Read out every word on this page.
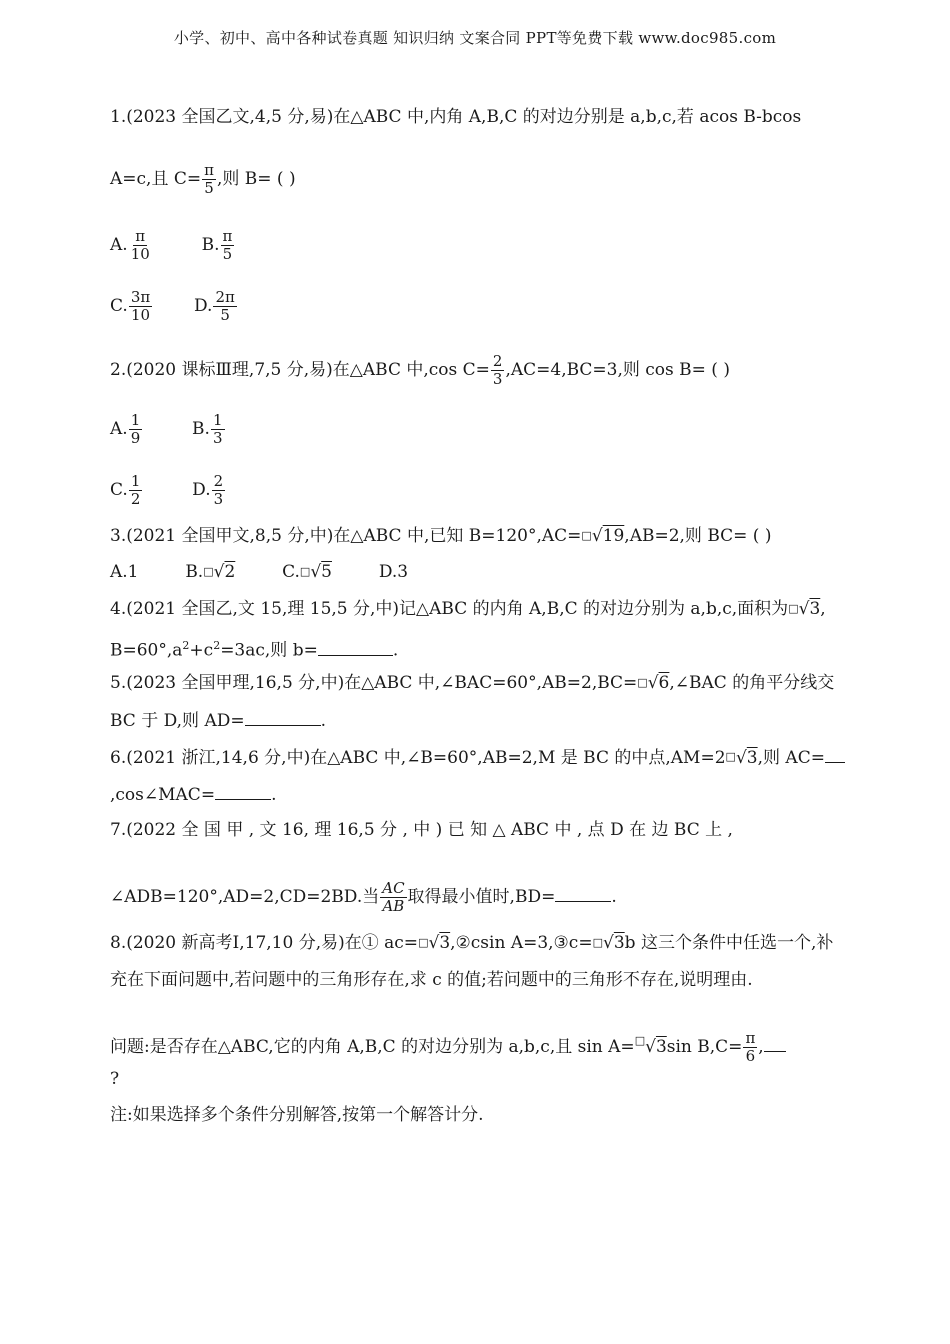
小学、初中、高中各种试卷真题 知识归纳 文案合同 PPT等免费下载 www.doc985.com
1.(2023 全国乙文,4,5 分,易)在△ABC 中,内角 A,B,C 的对边分别是 a,b,c,若 acos B-bcos
A=c,且 $C= \frac{\pi}{5}$ ,则 B= ( )
A. $\frac{\pi}{10}$	B. $\frac{\pi}{5}$
C. $\frac{3\pi}{10} D$. $\frac{2\pi}{5}$
2.(2020 课标Ⅲ理,7,5 分,易)在△ABC 中,cos $C= \frac{2}{3} ,AC=4,BC=3$,则 cos B= ( )
A. $\frac{1}{9}$	B. $\frac{1}{3}$
C. $\frac{1}{2}$	D. $\frac{2}{3}$
3.(2021 全国甲文,8,5 分,中)在△ABC 中,已知 B=120°,AC=□√19,AB=2,则 BC= ( )
A.1	B.□√2	C.□√5	D.3
4.(2021 全国乙,文 15,理 15,5 分,中)记△ABC 的内角 A,B,C 的对边分别为 a,b,c,面积为□√3,
$B=60^\circ,a^2+c^2=3ac$,则 b=	.
5.(2023 全国甲理,16,5 分,中)在△ABC 中,∠BAC=60°,AB=2,BC=□√6,∠BAC 的角平分线交
BC 于 D,则 AD=	.
6.(2021 浙江,14,6 分,中)在△ABC 中,∠B=60°,AB=2,M 是 BC 的中点,AM=2□√3,则 AC=
,cos∠MAC=	.
7.(2022 全 国 甲 , 文 16, 理 16,5 分 , 中 ) 已 知 △ ABC 中 , 点 D 在 边 BC 上 ,
∠ADB=120°,AD=2,CD=2BD.当 $\frac{AC}{AB}$ 取得最小值时,BD=	.
8.(2020 新高考Ⅰ,17,10 分,易)在① ac=□√3,②csin A=3,③c=□√3b 这三个条件中任选一个,补
充在下面问题中,若问题中的三角形存在,求 c 的值;若问题中的三角形不存在,说明理由.
问题:是否存在△ABC,它的内角 A,B,C 的对边分别为 a,b,c,且 sin A=□√3sin $B,C= \frac{\pi}{6}$ ,
?
注:如果选择多个条件分别解答,按第一个解答计分.
